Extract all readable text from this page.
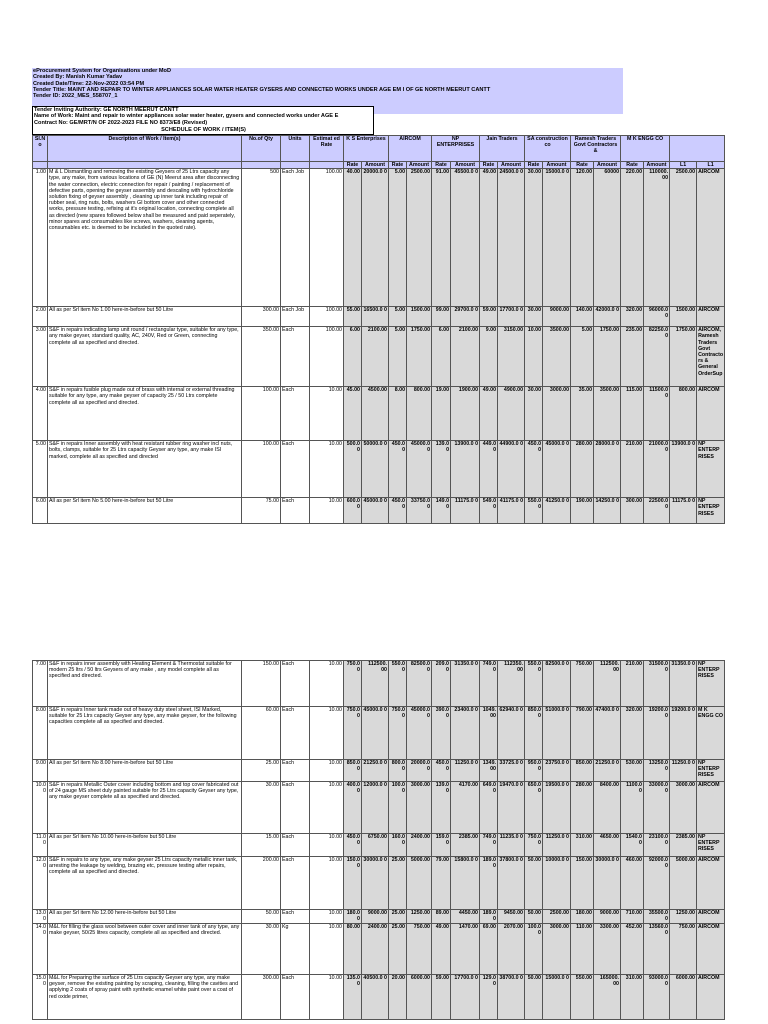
eProcurement System for Organisations under MoD
Created By: Manish Kumar Yadav
Created Date/Time: 22-Nov-2022 03:54 PM
Tender Title: MAINT AND REPAIR TO WINTER APPLIANCES SOLAR WATER HEATER GYSERS AND CONNECTED WORKS UNDER AGE EM I OF GE NORTH MEERUT CANTT
Tender ID: 2022_MES_558707_1
Tender Inviting Authority: GE NORTH MEERUT CANTT
Name of Work: Maint and repair to winter appliances solar water heater, gysers and connected works under AGE E
Contract No: GE/MRT/N OF 2022-2023 FILE NO 8373/E8 (Revised)
SCHEDULE OF WORK / ITEM(S)
Sl.N o	Description of Work / Item(s)	No.of Qty	Units	Estimat ed Rate	K S Enterprises		AIRCOM		NP ENTERPRISES		Jain Traders		SA construction co		Ramesh Traders Govt Contractors &		M K ENGG CO			
					Rate	Amount	Rate	Amount	Rate	Amount	Rate	Amount	Rate	Amount	Rate	Amount	Rate	Amount	L1	L1
1.00	M & L Dismantling and removing the existing Geysers of 25 Ltrs capacity any type, any make, from various locations of GE (N) Meerut area after disconnecting the water connection, electric connection for repair / painting / replacement of defective parts, opening the geyser assembly and descaling with hydrochloride solution fixing of geyser assembly , cleaning up inner tank including repair of rubber seal, ring nuts, bolts, washers GI bottom cover and other connected works, pressure testing, refixing at it's original location, connecting complete all as directed (new spares followed below shall be measured and paid seperately, minor spares and consumables like screws, washers, cleaning agents, consumables etc. is deemed to be included in the quoted rate).	500	Each Job	100.00	40.00	20000.0 0	5.00	2500.00	91.00	45500.0 0	49.00	24500.0 0	30.00	15000.0 0	120.00	60000	220.00	110000. 00	2500.00	AIRCOM
2.00	All as per Srl item No 1.00 here-in-before but 50 Litre	300.00	Each Job	100.00	55.00	16500.0 0	5.00	1500.00	99.00	29700.0 0	59.00	17700.0 0	30.00	9000.00	140.00	42000.0 0	320.00	96000.0 0	1500.00	AIRCOM
3.00	S&F in repairs indicating lamp unit round / rectangular type, suitable for any type, any make geyser, standard quality, AC, 240V, Red or Green, connecting complete all as specified and directed.	350.00	Each	100.00	6.00	2100.00	5.00	1750.00	6.00	2100.00	9.00	3150.00	10.00	3500.00	5.00	1750.00	235.00	82250.0 0	1750.00	AIRCOM, Ramesh Traders Govt Contracto rs & General OrderSup
4.00	S&F in repairs fusible plug made out of brass with internal or external threading suitable for any type, any make geyser of capacity 25 / 50 Ltrs complete complete all as specified and directed.	100.00	Each	10.00	45.00	4500.00	8.00	800.00	19.00	1900.00	49.00	4900.00	30.00	3000.00	35.00	3500.00	115.00	11500.0 0	800.00	AIRCOM
5.00	S&F in repairs Inner assembly with heat resistant rubber ring washer incl nuts, bolts, clamps, suitable for 25 Ltrs capacity Geyser any type, any make ISI marked, complete all as specified and directed	100.00	Each	10.00	500.00	50000.0 0	450.0 0	45000.0 0	139.00	13900.0 0	449.0 0	44900.0 0	450.00	45000.0 0	280.00	28000.0 0	210.00	21000.0 0	13900.0 0	NP ENTERP RISES
6.00	All as per Srl item No 5.00 here-in-before but 50 Litre	75.00	Each	10.00	600.00	45000.0 0	450.0 0	33750.0 0	149.00	11175.0 0	549.0 0	41175.0 0	550.00	41250.0 0	190.00	14250.0 0	300.00	22500.0 0	11175.0 0	NP ENTERP RISES
7.00	S&F in repairs inner assembly with Heating Element & Thermostat suitable for modern 25 ltrs / 50 ltrs Geysers of any make , any model complete all as specified and directed.	150.00	Each	10.00	750.00	112500. 00	550.0 0	82500.0 0	209.00	31350.0 0	749.0 0	112350. 00	550.00	82500.0 0	750.00	112500. 00	210.00	31500.0 0	31350.0 0	NP ENTERP RISES
8.00	S&F in repairs Inner tank made out of heavy duty steel sheet, ISI Marked, suitable for 25 Ltrs capacity Geyser any type, any make geyser, for the following capacities complete all as specified and directed.	60.00	Each	10.00	750.00	45000.0 0	750.0 0	45000.0 0	390.00	23400.0 0	1049. 00	62940.0 0	850.00	51000.0 0	790.00	47400.0 0	320.00	19200.0 0	19200.0 0	M K ENGG CO
9.00	All as per Srl item No 8.00 here-in-before but 50 Litre	25.00	Each	10.00	850.00	21250.0 0	800.0 0	20000.0 0	450.00	11250.0 0	1349. 00	33725.0 0	950.00	23750.0 0	850.00	21250.0 0	530.00	13250.0 0	11250.0 0	NP ENTERP RISES
10.0 0	S&F in repairs Metallic Outer cover including bottom and top cover fabricated out of 24 gauge MS sheet duly painted suitable for 25 Ltrs capacity Geyser any type, any make geyser complete all as specified and directed.	30.00	Each	10.00	400.00	12000.0 0	100.0 0	3000.00	139.00	4170.00	649.0 0	19470.0 0	650.00	19500.0 0	280.00	8400.00	1100.0 0	33000.0 0	3000.00	AIRCOM
11.0 0	All as per Srl item No 10.00 here-in-before but 50 Litre	15.00	Each	10.00	450.00	6750.00	160.0 0	2400.00	159.00	2385.00	749.0 0	11235.0 0	750.00	11250.0 0	310.00	4650.00	1540.0 0	23100.0 0	2385.00	NP ENTERP RISES
12.0 0	S&F in repairs to any type, any make geyser 25 Ltrs capacity metallic inner tank, arresting the leakage by welding, brazing etc, pressure testing after repairs, complete all as specified and directed.	200.00	Each	10.00	150.00	30000.0 0	25.00	5000.00	79.00	15800.0 0	189.0 0	37800.0 0	50.00	10000.0 0	150.00	30000.0 0	460.00	92000.0 0	5000.00	AIRCOM
13.0 0	All as per Srl item No 12.00 here-in-before but 50 Litre	50.00	Each	10.00	180.00	9000.00	25.00	1250.00	89.00	4450.00	189.0 0	9450.00	50.00	2500.00	180.00	9000.00	710.00	35500.0 0	1250.00	AIRCOM
14.0 0	M&L for filling the glass wool between outer cover and inner tank of any type, any make geyser, 50/25 litres capacity, complete all as specified and directed.	30.00	Kg	10.00	80.00	2400.00	25.00	750.00	49.00	1470.00	69.00	2070.00	100.00	3000.00	110.00	3300.00	452.00	13560.0 0	750.00	AIRCOM
15.0 0	M&L for Preparing the surface of 25 Ltrs capacity Geyser any type, any make geyser, remove the existing painting by scraping, cleaning, filling the cavities and applying 2 coats of spray paint with synthetic enamel white paint over a coat of red oxide primer,	300.00	Each	10.00	135.00	40500.0 0	20.00	6000.00	59.00	17700.0 0	129.0 0	38700.0 0	50.00	15000.0 0	550.00	165000. 00	310.00	93000.0 0	6000.00	AIRCOM
